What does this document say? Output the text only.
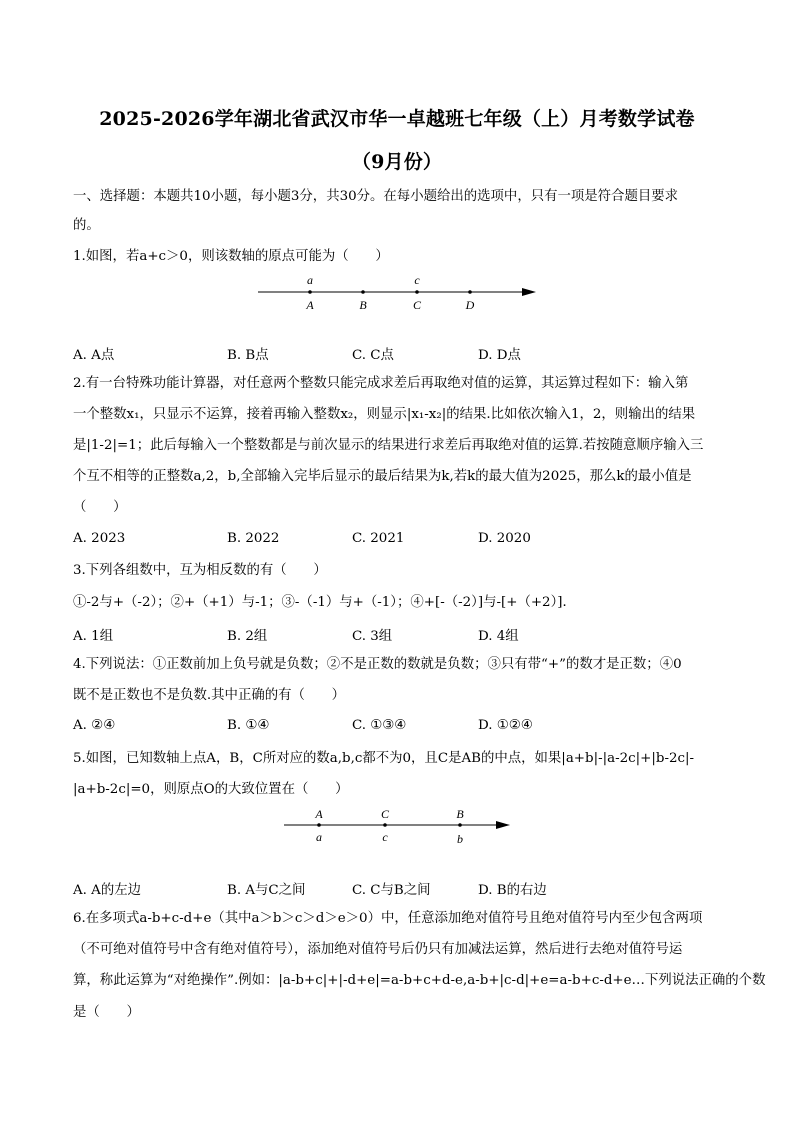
2025-2026学年湖北省武汉市华一卓越班七年级（上）月考数学试卷
（9月份）
一、选择题：本题共10小题，每小题3分，共30分。在每小题给出的选项中，只有一项是符合题目要求
的。
1.如图，若a+c＞0，则该数轴的原点可能为（　　）
a	c
A	B	C	D
A. A点	B. B点	C. C点	D. D点
2.有一台特殊功能计算器，对任意两个整数只能完成求差后再取绝对值的运算，其运算过程如下：输入第
一个整数x₁，只显示不运算，接着再输入整数x₂，则显示|x₁-x₂|的结果.比如依次输入1，2，则输出的结果
是|1-2|=1；此后每输入一个整数都是与前次显示的结果进行求差后再取绝对值的运算.若按随意顺序输入三
个互不相等的正整数a,2，b,全部输入完毕后显示的最后结果为k,若k的最大值为2025，那么k的最小值是
（　　）
A. 2023	B. 2022	C. 2021	D. 2020
3.下列各组数中，互为相反数的有（　　）
①-2与+（-2）；②+（+1）与-1；③-（-1）与+（-1）；④+[-（-2）]与-[+（+2）]．
A. 1组	B. 2组	C. 3组	D. 4组
4.下列说法：①正数前加上负号就是负数；②不是正数的数就是负数；③只有带“+”的数才是正数；④0
既不是正数也不是负数.其中正确的有（　　）
A. ②④	B. ①④	C. ①③④	D. ①②④
5.如图，已知数轴上点A，B，C所对应的数a,b,c都不为0，且C是AB的中点，如果|a+b|-|a-2c|+|b-2c|-
|a+b-2c|=0，则原点O的大致位置在（　　）
A	C	B
a	c	b
A. A的左边	B. A与C之间	C. C与B之间	D. B的右边
6.在多项式a-b+c-d+e（其中a＞b＞c＞d＞e＞0）中，任意添加绝对值符号且绝对值符号内至少包含两项
（不可绝对值符号中含有绝对值符号），添加绝对值符号后仍只有加减法运算，然后进行去绝对值符号运
算，称此运算为“对绝操作”.例如：|a-b+c|+|-d+e|=a-b+c+d-e,a-b+|c-d|+e=a-b+c-d+e…下列说法正确的个数
是（　　）
